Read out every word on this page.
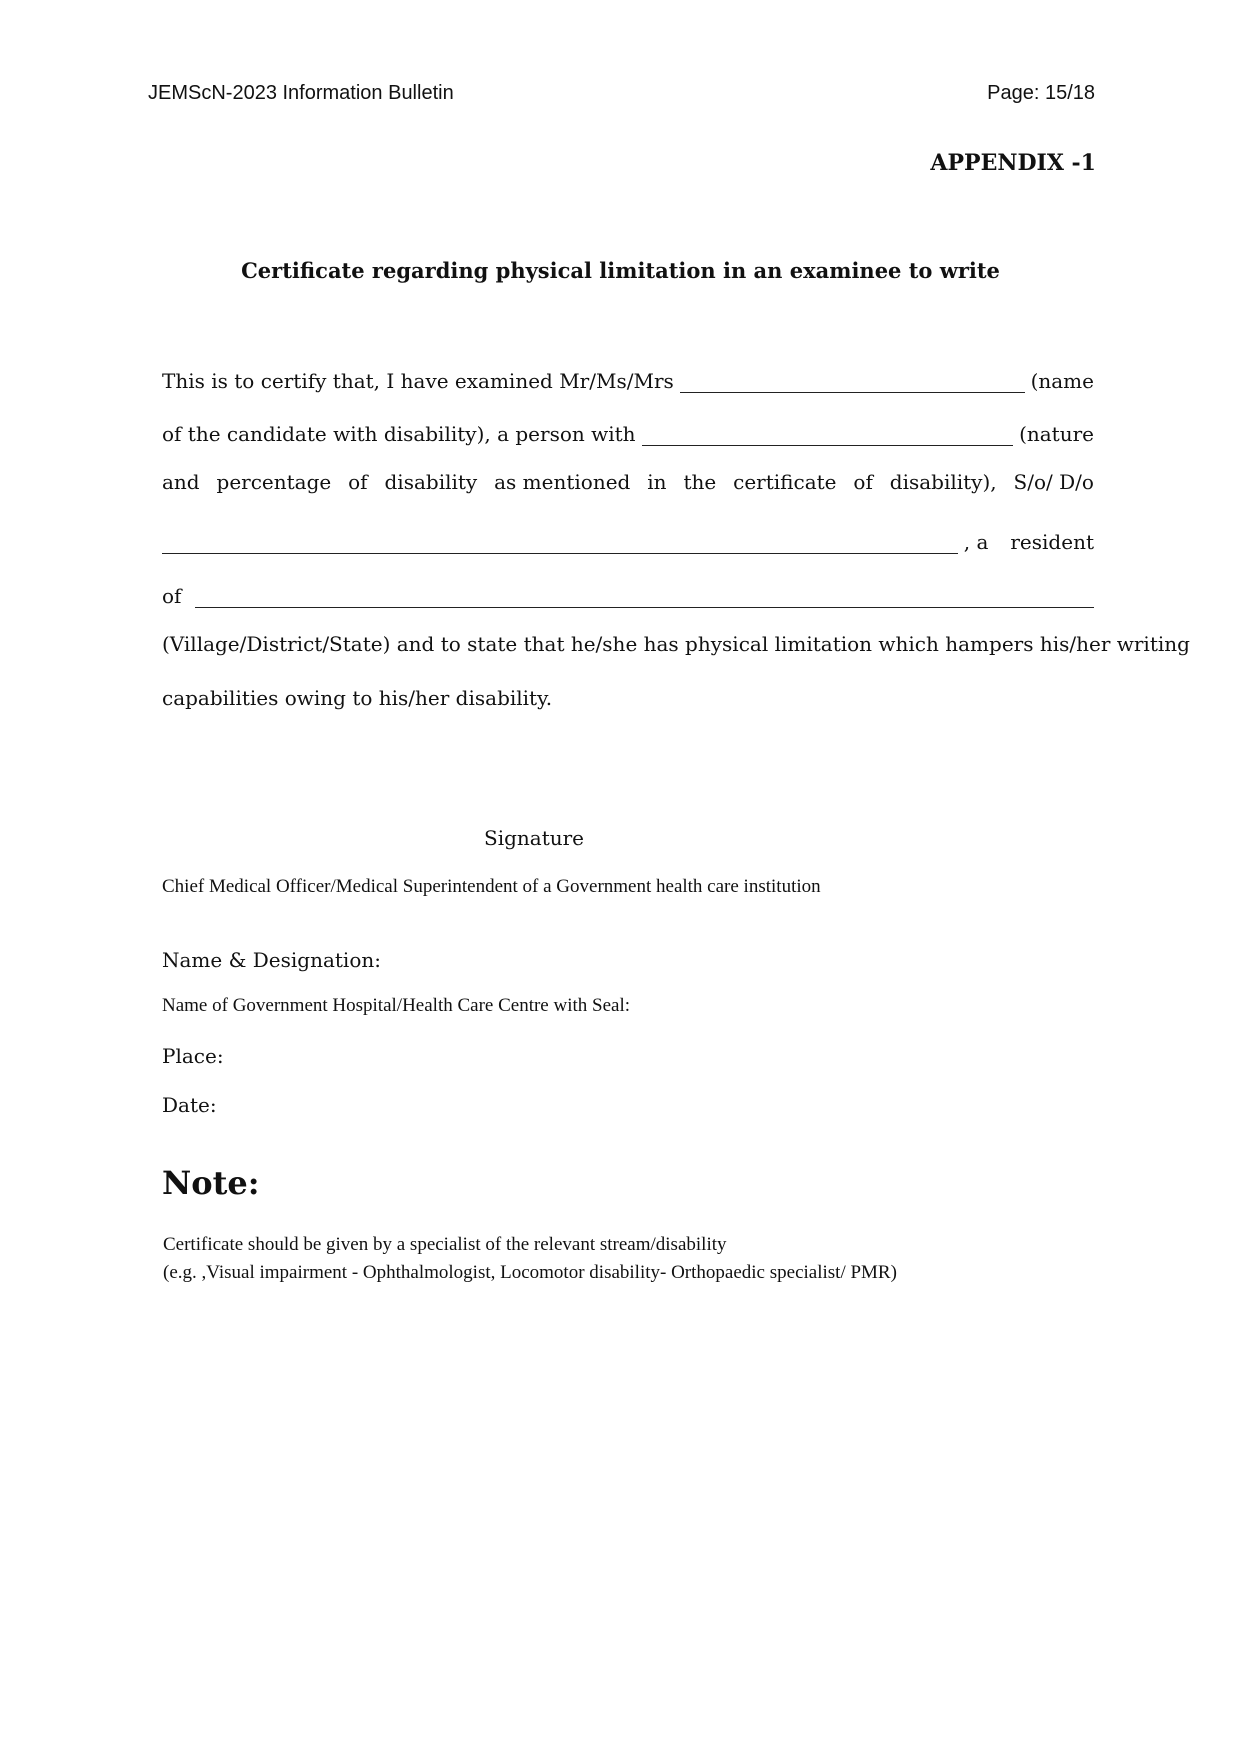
JEMScN-2023 Information Bulletin	Page: 15/18
APPENDIX -1
Certificate regarding physical limitation in an examinee to write
This is to certify that, I have examined Mr/Ms/Mrs	(name
of the candidate with disability), a person with	(nature
and percentage of disability as mentioned in the certificate of disability), S/o/ D/o
, a resident
of
(Village/District/State) and to state that he/she has physical limitation which hampers his/her writing
capabilities owing to his/her disability.
Signature
Chief Medical Officer/Medical Superintendent of a Government health care institution
Name & Designation:
Name of Government Hospital/Health Care Centre with Seal:
Place:
Date:
Note:
Certificate should be given by a specialist of the relevant stream/disability
(e.g. ,Visual impairment - Ophthalmologist, Locomotor disability- Orthopaedic specialist/ PMR)
